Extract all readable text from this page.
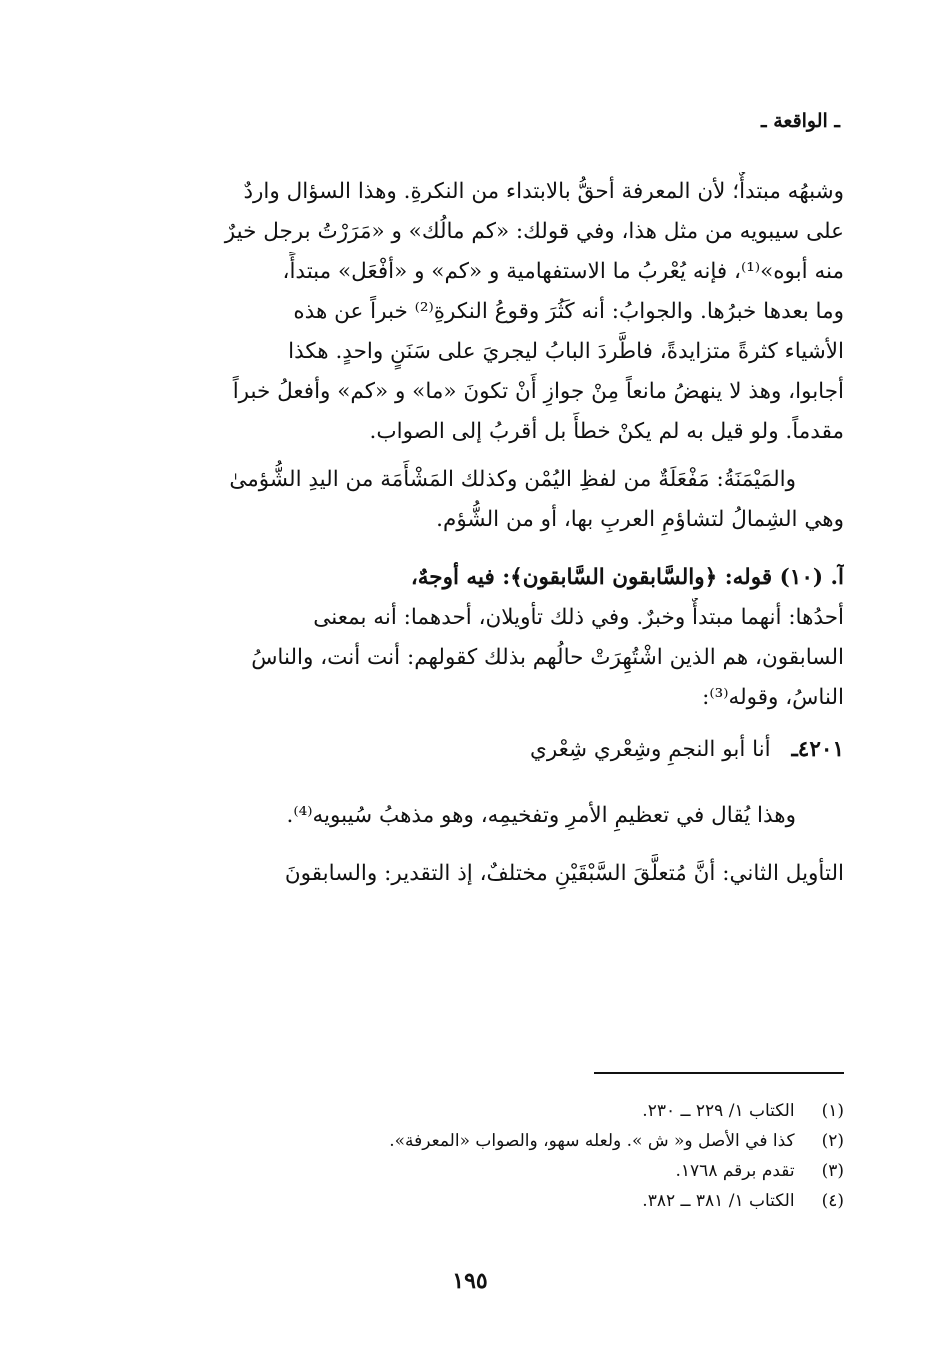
ـ الواقعة ـ
وشبهُه مبتدأٌ؛ لأن المعرفة أحقُّ بالابتداء من النكرةِ. وهذا السؤال واردٌ
على سيبويه من مثل هذا، وفي قولك: «كم مالُك» و «مَرَرْتُ برجل خيرٌ
منه أبوه»⁽¹⁾، فإنه يُعْربُ ما الاستفهامية و «كم» و «أفْعَل» مبتدأً،
وما بعدها خبرُها. والجوابُ: أنه كَثُرَ وقوعُ النكرةِ⁽²⁾ خبراً عن هذه
الأشياء كثرةً متزايدةً، فاطَّردَ البابُ ليجريَ على سَنَنٍ واحدٍ. هكذا
أجابوا، وهذ لا ينهضُ مانعاً مِنْ جوازِ أَنْ تكونَ «ما» و «كم» وأفعلُ خبراً
مقدماً. ولو قيل به لم يكنْ خطأً بل أقربُ إلى الصواب.
والمَيْمَنَةُ: مَفْعَلَةٌ من لفظِ اليُمْن وكذلك المَشْأَمَة من اليدِ الشُّؤمىٰ
وهي الشِمالُ لتشاؤمِ العربِ بها، أو من الشُّؤم.
آ. (١٠) قوله: ﴿والسَّابقون السَّابقون﴾: فيه أوجهٌ،
أحدُها: أنهما مبتدأٌ وخبرٌ. وفي ذلك تأويلان، أحدهما: أنه بمعنى
السابقون، هم الذين اشْتُهِرَتْ حالُهم بذلك كقولهم: أنت أنت، والناسُ
الناسُ، وقوله⁽³⁾:
٤٢٠١ـ أنا أبو النجمِ وشِعْري شِعْري
وهذا يُقال في تعظيمِ الأمرِ وتفخيمِه، وهو مذهبُ سُيبويه⁽⁴⁾.
التأويل الثاني: أنَّ مُتعلَّقَ السَّبْقَيْنِ مختلفٌ، إذ التقدير: والسابقونَ
(١) الكتاب ١/ ٢٢٩ ــ ٢٣٠.
(٢) كذا في الأصل و« ش ». ولعله سهو، والصواب «المعرفة».
(٣) تقدم برقم ١٧٦٨.
(٤) الكتاب ١/ ٣٨١ ــ ٣٨٢.
١٩٥
